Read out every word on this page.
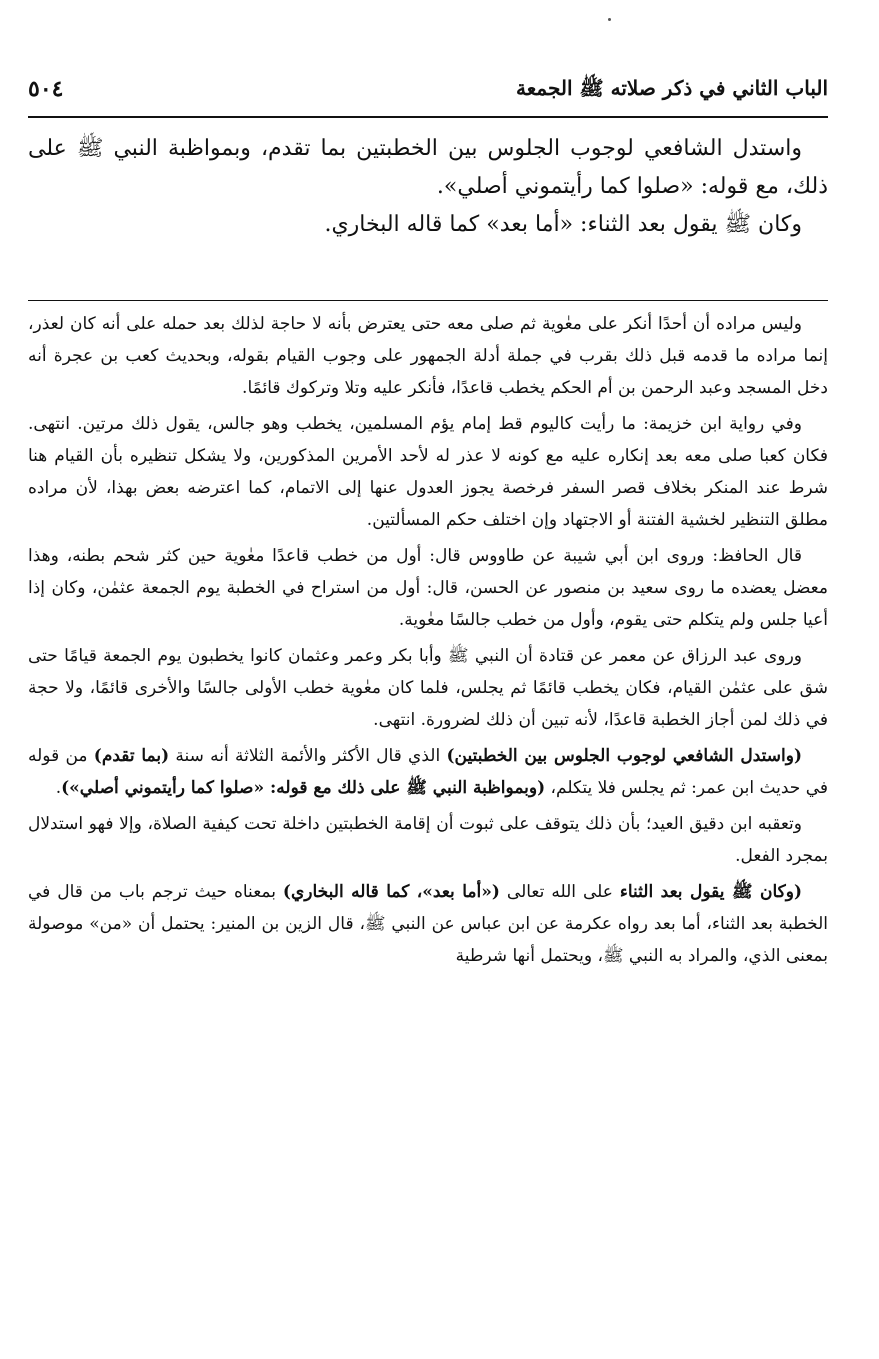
الباب الثاني في ذكر صلاته ﷺ الجمعة
٥٠٤

واستدل الشافعي لوجوب الجلوس بين الخطبتين بما تقدم، وبمواظبة النبي ﷺ على ذلك، مع قوله: «صلوا كما رأيتموني أصلي».

وكان ﷺ يقول بعد الثناء: «أما بعد» كما قاله البخاري.

وليس مراده أن أحدًا أنكر على معٰوية ثم صلى معه حتى يعترض بأنه لا حاجة لذلك بعد حمله على أنه كان لعذر، إنما مراده ما قدمه قبل ذلك بقرب في جملة أدلة الجمهور على وجوب القيام بقوله، وبحديث كعب بن عجرة أنه دخل المسجد وعبد الرحمن بن أم الحكم يخطب قاعدًا، فأنكر عليه وتلا وتركوك قائمًا.

وفي رواية ابن خزيمة: ما رأيت كاليوم قط إمام يؤم المسلمين، يخطب وهو جالس، يقول ذلك مرتين. انتهى. فكان كعبا صلى معه بعد إنكاره عليه مع كونه لا عذر له لأحد الأمرين المذكورين، ولا يشكل تنظيره بأن القيام هنا شرط عند المنكر بخلاف قصر السفر فرخصة يجوز العدول عنها إلى الاتمام، كما اعترضه بعض بهذا، لأن مراده مطلق التنظير لخشية الفتنة أو الاجتهاد وإن اختلف حكم المسألتين.

قال الحافظ: وروى ابن أبي شيبة عن طاووس قال: أول من خطب قاعدًا معٰوية حين كثر شحم بطنه، وهذا معضل يعضده ما روى سعيد بن منصور عن الحسن، قال: أول من استراح في الخطبة يوم الجمعة عثمٰن، وكان إذا أعيا جلس ولم يتكلم حتى يقوم، وأول من خطب جالسًا معٰوية.

وروى عبد الرزاق عن معمر عن قتادة أن النبي ﷺ وأبا بكر وعمر وعثمان كانوا يخطبون يوم الجمعة قيامًا حتى شق على عثمٰن القيام، فكان يخطب قائمًا ثم يجلس، فلما كان معٰوية خطب الأولى جالسًا والأخرى قائمًا، ولا حجة في ذلك لمن أجاز الخطبة قاعدًا، لأنه تبين أن ذلك لضرورة. انتهى.

(واستدل الشافعي لوجوب الجلوس بين الخطبتين) الذي قال الأكثر والأئمة الثلاثة أنه سنة (بما تقدم) من قوله في حديث ابن عمر: ثم يجلس فلا يتكلم، (وبمواظبة النبي ﷺ على ذلك مع قوله: «صلوا كما رأيتموني أصلي»).

وتعقبه ابن دقيق العيد؛ بأن ذلك يتوقف على ثبوت أن إقامة الخطبتين داخلة تحت كيفية الصلاة، وإلا فهو استدلال بمجرد الفعل.

(وكان ﷺ يقول بعد الثناء على الله تعالى («أما بعد»، كما قاله البخاري) بمعناه حيث ترجم باب من قال في الخطبة بعد الثناء، أما بعد رواه عكرمة عن ابن عباس عن النبي ﷺ، قال الزين بن المنير: يحتمل أن «من» موصولة بمعنى الذي، والمراد به النبي ﷺ، ويحتمل أنها شرطية
